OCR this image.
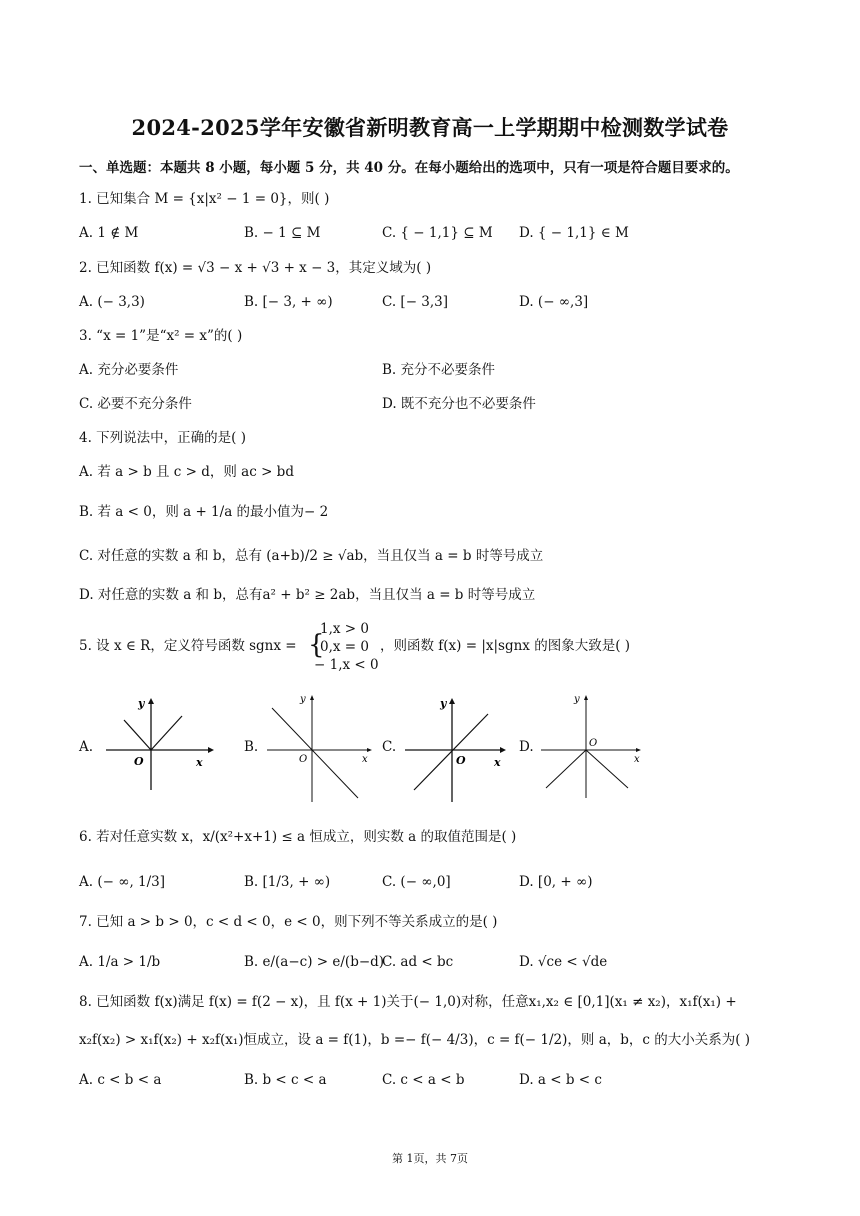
2024-2025学年安徽省新明教育高一上学期期中检测数学试卷
一、单选题：本题共 8 小题，每小题 5 分，共 40 分。在每小题给出的选项中，只有一项是符合题目要求的。
1. 已知集合 M = {x|x² − 1 = 0}，则( )
A. 1 ∉ M	B. − 1 ⊆ M	C. { − 1,1} ⊆ M D. { − 1,1} ∈ M
2. 已知函数 f(x) = √3 − x + √3 + x − 3，其定义域为( )
A. (− 3,3)	B. [− 3, + ∞)	C. [− 3,3]	D. (− ∞,3]
3. “x = 1”是“x² = x”的( )
A. 充分必要条件	B. 充分不必要条件
C. 必要不充分条件	D. 既不充分也不必要条件
4. 下列说法中，正确的是( )
A. 若 a > b 且 c > d，则 ac > bd
B. 若 a < 0，则 a + 1/a 的最小值为− 2
C. 对任意的实数 a 和 b，总有 (a+b)/2 ≥ √ab，当且仅当 a = b 时等号成立
D. 对任意的实数 a 和 b，总有a² + b² ≥ 2ab，当且仅当 a = b 时等号成立
5. 设 x ∈ R，定义符号函数 sgnx = {
1,x > 0
0,x = 0
− 1,x < 0
，则函数 f(x) = |x|sgnx 的图象大致是( )
A.
y
O	x
B.
y
O	x
C.
y
O	x
D.
y
O
x
6. 若对任意实数 x，x/(x²+x+1) ≤ a 恒成立，则实数 a 的取值范围是( )
A. (− ∞, 1/3]	B. [1/3, + ∞)	C. (− ∞,0]	D. [0, + ∞)
7. 已知 a > b > 0，c < d < 0，e < 0，则下列不等关系成立的是( )
A. 1/a > 1/b	B. e/(a−c) > e/(b−d)
C. ad < bc	D. √ce < √de
8. 已知函数 f(x)满足 f(x) = f(2 − x)，且 f(x + 1)关于(− 1,0)对称，任意x₁,x₂ ∈ [0,1](x₁ ≠ x₂)，x₁f(x₁) +
x₂f(x₂) > x₁f(x₂) + x₂f(x₁)恒成立，设 a = f(1)，b =− f(− 4/3)，c = f(− 1/2)，则 a，b，c 的大小关系为( )
A. c < b < a	B. b < c < a	C. c < a < b	D. a < b < c
第 1页，共 7页
